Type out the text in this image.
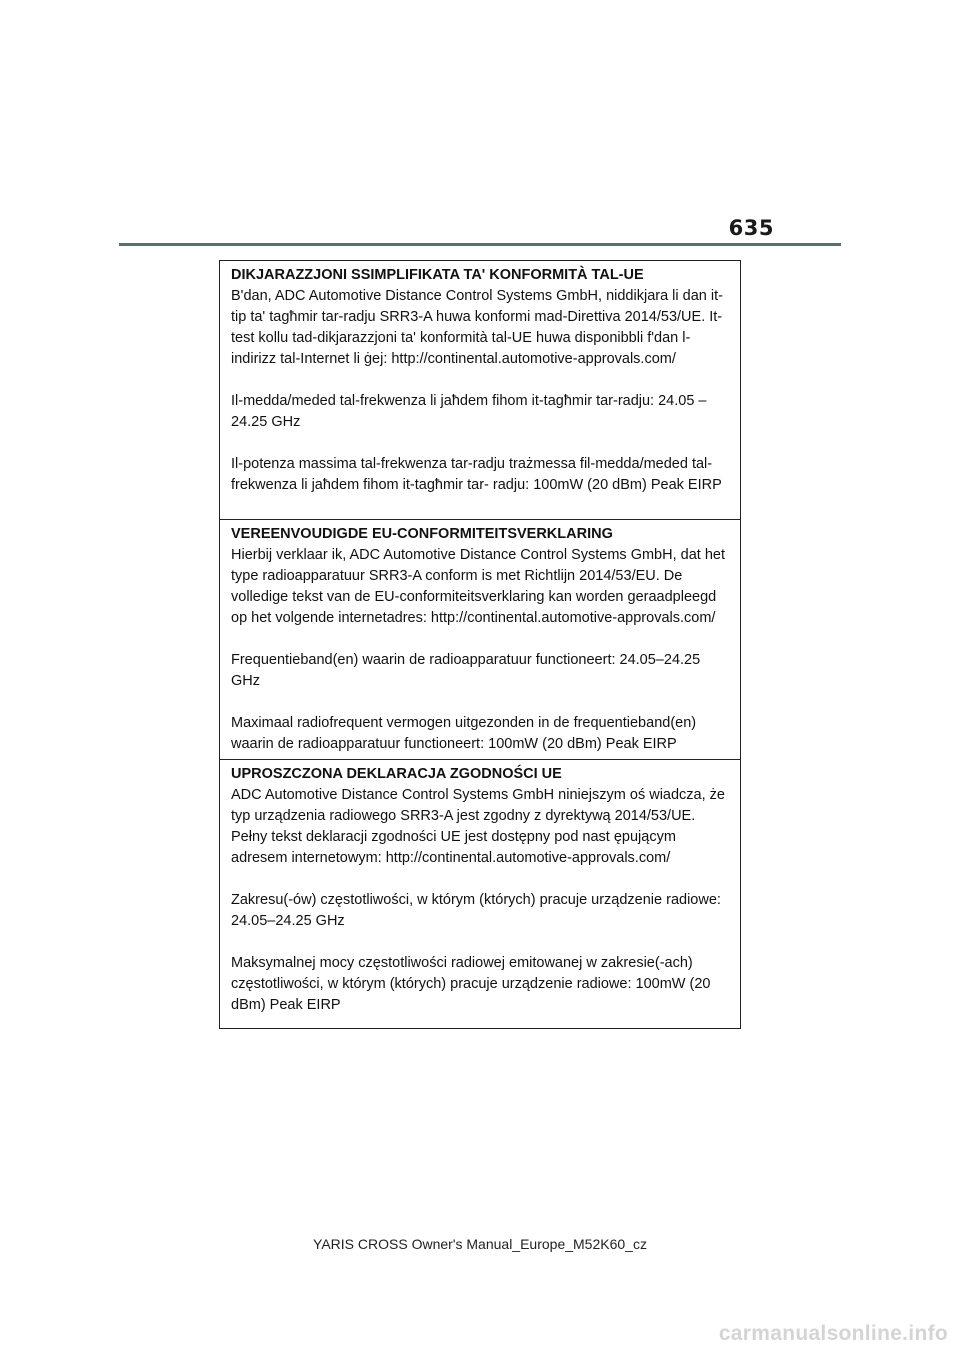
635

DIKJARAZZJONI SSIMPLIFIKATA TA' KONFORMITÀ TAL-UE

B'dan, ADC Automotive Distance Control Systems GmbH, niddikjara li dan it-tip ta' tagħmir tar-radju SRR3-A huwa konformi mad-Direttiva 2014/53/UE. It-test kollu tad-dikjarazzjoni ta' konformità tal-UE huwa disponibbli f'dan l-indirizz tal-Internet li ġej: http://continental.automotive-approvals.com/

Il-medda/meded tal-frekwenza li jaħdem fihom it-tagħmir tar-radju: 24.05 –24.25 GHz

Il-potenza massima tal-frekwenza tar-radju trażmessa fil-medda/meded tal-frekwenza li jaħdem fihom it-tagħmir tar- radju: 100mW (20 dBm) Peak EIRP

VEREENVOUDIGDE EU-CONFORMITEITSVERKLARING

Hierbij verklaar ik, ADC Automotive Distance Control Systems GmbH, dat het type radioapparatuur SRR3-A conform is met Richtlijn 2014/53/EU. De volledige tekst van de EU-conformiteitsverklaring kan worden geraadpleegd op het volgende internetadres: http://continental.automotive-approvals.com/

Frequentieband(en) waarin de radioapparatuur functioneert: 24.05–24.25 GHz

Maximaal radiofrequent vermogen uitgezonden in de frequentieband(en) waarin de radioapparatuur functioneert: 100mW (20 dBm) Peak EIRP

UPROSZCZONA DEKLARACJA ZGODNOŚCI UE

ADC Automotive Distance Control Systems GmbH niniejszym oś wiadcza, że typ urządzenia radiowego SRR3-A jest zgodny z dyrektywą 2014/53/UE. Pełny tekst deklaracji zgodności UE jest dostępny pod nast ępującym adresem internetowym: http://continental.automotive-approvals.com/

Zakresu(-ów) częstotliwości, w którym (których) pracuje urządzenie radiowe: 24.05–24.25 GHz

Maksymalnej mocy częstotliwości radiowej emitowanej w zakresie(-ach) częstotliwości, w którym (których) pracuje urządzenie radiowe: 100mW (20 dBm) Peak EIRP

YARIS CROSS Owner's Manual_Europe_M52K60_cz
carmanualsonline.info
